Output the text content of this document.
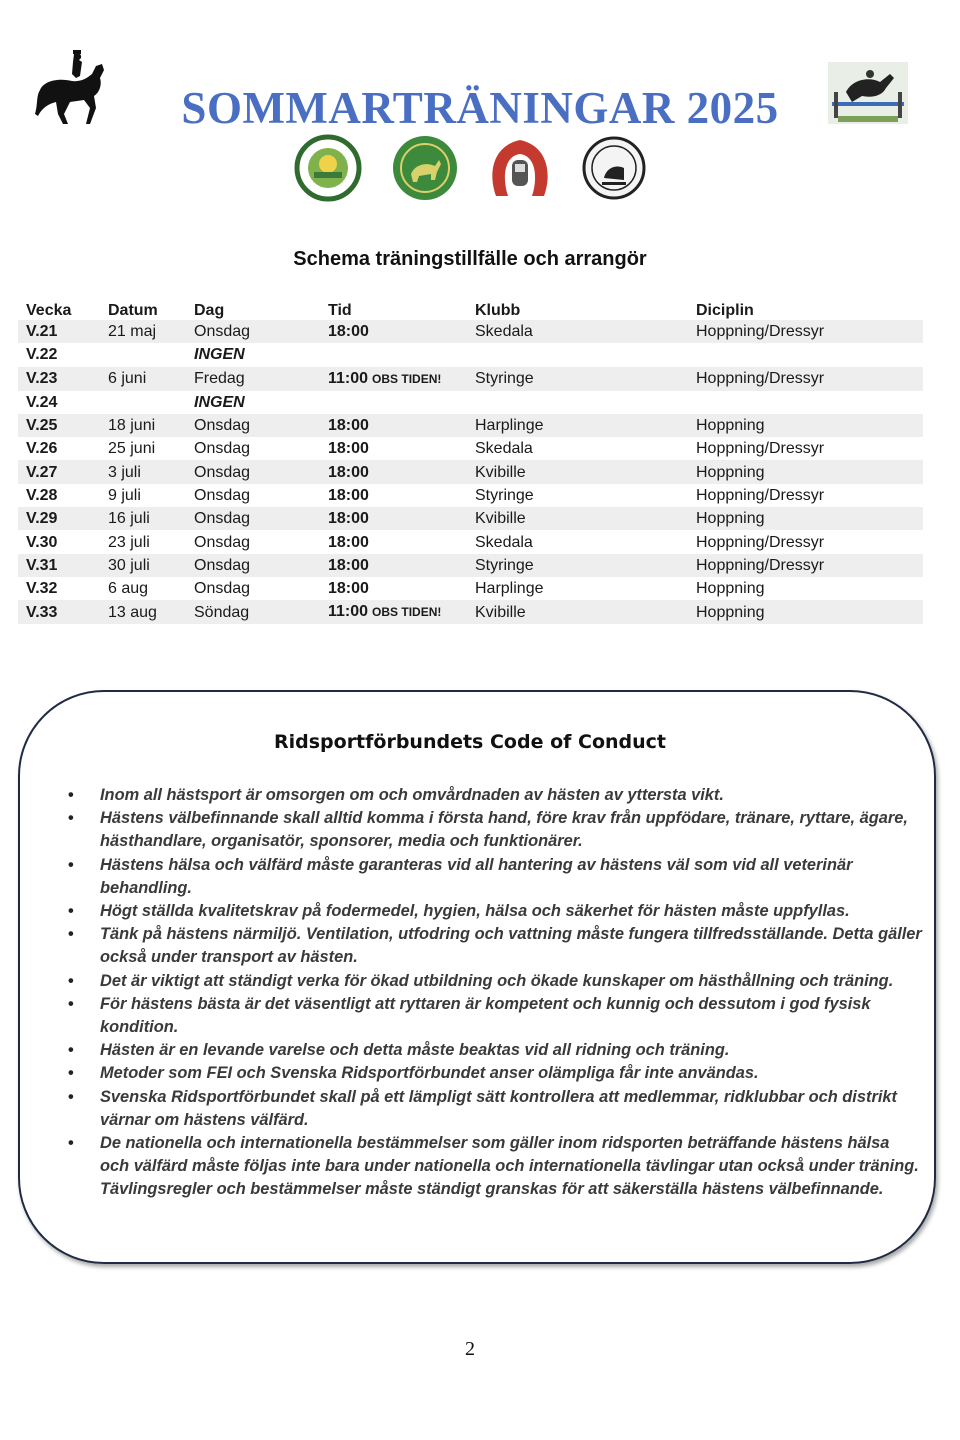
SOMMARTRÄNINGAR 2025
Schema träningstillfälle och arrangör
Vecka	Datum	Dag	Tid	Klubb	Diciplin
V.21	21 maj	Onsdag	18:00	Skedala	Hoppning/Dressyr
V.22		INGEN			
V.23	6 juni	Fredag	11:00 OBS TIDEN!	Styringe	Hoppning/Dressyr
V.24		INGEN			
V.25	18 juni	Onsdag	18:00	Harplinge	Hoppning
V.26	25 juni	Onsdag	18:00	Skedala	Hoppning/Dressyr
V.27	3 juli	Onsdag	18:00	Kvibille	Hoppning
V.28	9 juli	Onsdag	18:00	Styringe	Hoppning/Dressyr
V.29	16 juli	Onsdag	18:00	Kvibille	Hoppning
V.30	23 juli	Onsdag	18:00	Skedala	Hoppning/Dressyr
V.31	30 juli	Onsdag	18:00	Styringe	Hoppning/Dressyr
V.32	6 aug	Onsdag	18:00	Harplinge	Hoppning
V.33	13 aug	Söndag	11:00 OBS TIDEN!	Kvibille	Hoppning
Ridsportförbundets Code of Conduct
• Inom all hästsport är omsorgen om och omvårdnaden av hästen av yttersta vikt.
• Hästens välbefinnande skall alltid komma i första hand, före krav från uppfödare, tränare, ryttare, ägare, hästhandlare, organisatör, sponsorer, media och funktionärer.
• Hästens hälsa och välfärd måste garanteras vid all hantering av hästens väl som vid all veterinär behandling.
• Högt ställda kvalitetskrav på fodermedel, hygien, hälsa och säkerhet för hästen måste uppfyllas.
• Tänk på hästens närmiljö. Ventilation, utfodring och vattning måste fungera tillfredsställande. Detta gäller också under transport av hästen.
• Det är viktigt att ständigt verka för ökad utbildning och ökade kunskaper om hästhållning och träning.
• För hästens bästa är det väsentligt att ryttaren är kompetent och kunnig och dessutom i god fysisk kondition.
• Hästen är en levande varelse och detta måste beaktas vid all ridning och träning.
• Metoder som FEI och Svenska Ridsportförbundet anser olämpliga får inte användas.
• Svenska Ridsportförbundet skall på ett lämpligt sätt kontrollera att medlemmar, ridklubbar och distrikt värnar om hästens välfärd.
• De nationella och internationella bestämmelser som gäller inom ridsporten beträffande hästens hälsa och välfärd måste följas inte bara under nationella och internationella tävlingar utan också under träning. Tävlingsregler och bestämmelser måste ständigt granskas för att säkerställa hästens välbefinnande.
2
